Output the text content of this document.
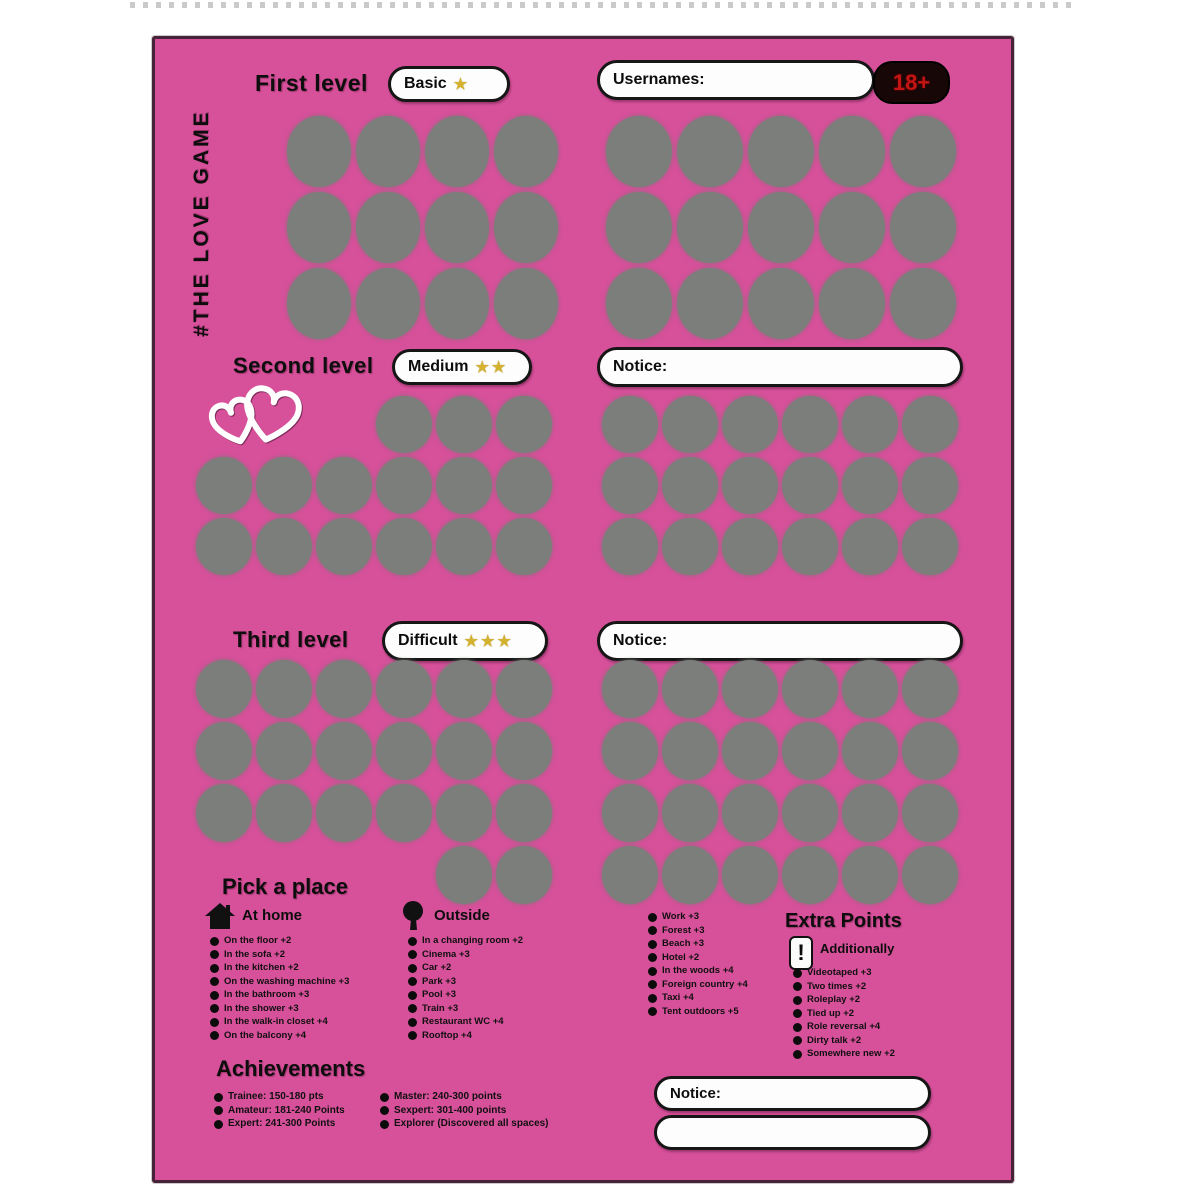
#THE LOVE GAME
First level Basic ★	Usernames:	18+
Second level Medium ★★	Notice:
Third level	Difficult ★★★	Notice:
Pick a place
At home
On the floor +2
In the sofa +2
In the kitchen +2
On the washing machine +3
In the bathroom +3
In the shower +3
In the walk-in closet +4
On the balcony +4
Outside
In a changing room +2
Cinema +3
Car +2
Park +3
Pool +3
Train +3
Restaurant WC +4
Rooftop +4
Work +3
Forest +3
Beach +3
Hotel +2
In the woods +4
Foreign country +4
Taxi +4
Tent outdoors +5
Extra Points
!	Additionally
Videotaped +3
Two times +2
Roleplay +2
Tied up +2
Role reversal +4
Dirty talk +2
Somewhere new +2
Achievements
Trainee: 150-180 pts
Amateur: 181-240 Points
Expert: 241-300 Points
Master: 240-300 points
Sexpert: 301-400 points
Explorer (Discovered all spaces)
Notice:
